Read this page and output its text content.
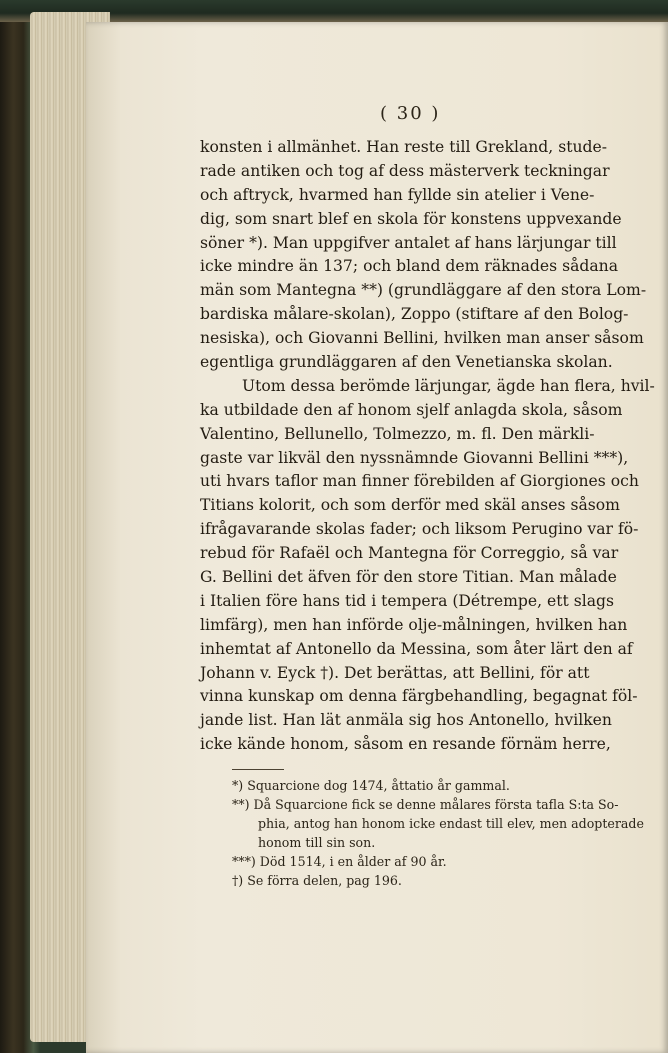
( 30 )
konsten i allmänhet. Han reste till Grekland, stude-
rade antiken och tog af dess mästerverk teckningar
och aftryck, hvarmed han fyllde sin atelier i Vene-
dig, som snart blef en skola för konstens uppvexande
söner *). Man uppgifver antalet af hans lärjungar till
icke mindre än 137; och bland dem räknades sådana
män som Mantegna **) (grundläggare af den stora Lom-
bardiska målare-skolan), Zoppo (stiftare af den Bolog-
nesiska), och Giovanni Bellini, hvilken man anser såsom
egentliga grundläggaren af den Venetianska skolan.
Utom dessa berömde lärjungar, ägde han flera, hvil-
ka utbildade den af honom sjelf anlagda skola, såsom
Valentino, Bellunello, Tolmezzo, m. fl. Den märkli-
gaste var likväl den nyssnämnde Giovanni Bellini ***),
uti hvars taflor man finner förebilden af Giorgiones och
Titians kolorit, och som derför med skäl anses såsom
ifrågavarande skolas fader; och liksom Perugino var fö-
rebud för Rafaël och Mantegna för Correggio, så var
G. Bellini det äfven för den store Titian. Man målade
i Italien före hans tid i tempera (Détrempe, ett slags
limfärg), men han införde olje-målningen, hvilken han
inhemtat af Antonello da Messina, som åter lärt den af
Johann v. Eyck †). Det berättas, att Bellini, för att
vinna kunskap om denna färgbehandling, begagnat föl-
jande list. Han lät anmäla sig hos Antonello, hvilken
icke kände honom, såsom en resande förnäm herre,
*) Squarcione dog 1474, åttatio år gammal.
**) Då Squarcione fick se denne målares första tafla S:ta So-
phia, antog han honom icke endast till elev, men adopterade
honom till sin son.
***) Död 1514, i en ålder af 90 år.
†) Se förra delen, pag 196.
